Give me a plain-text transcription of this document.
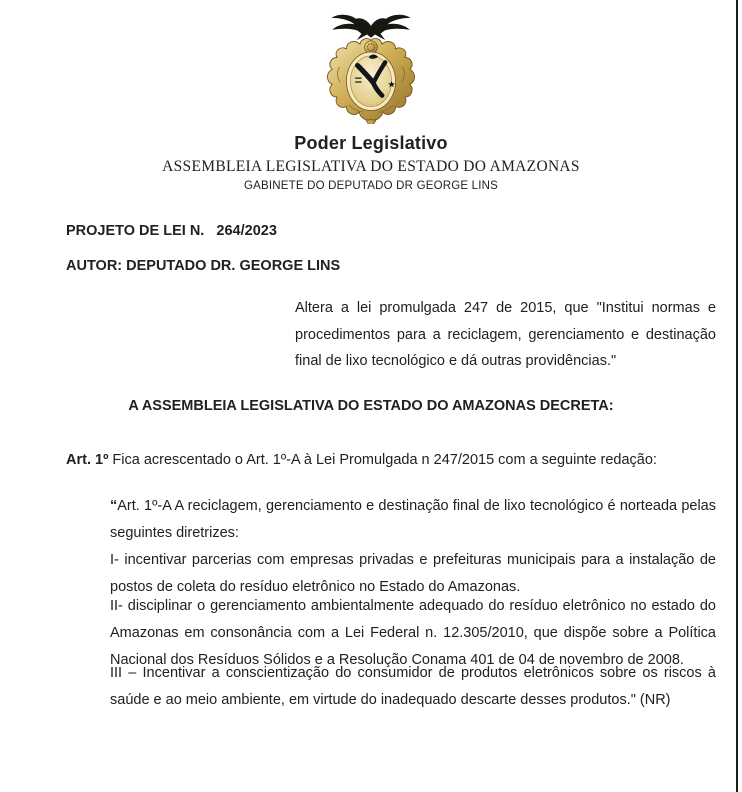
Poder Legislativo
ASSEMBLEIA LEGISLATIVA DO ESTADO DO AMAZONAS
GABINETE DO DEPUTADO DR GEORGE LINS

PROJETO DE LEI N.   264/2023

AUTOR: DEPUTADO DR. GEORGE LINS

Altera a lei promulgada 247 de 2015, que "Institui normas e procedimentos para a reciclagem, gerenciamento e destinação final de lixo tecnológico e dá outras providências."

A ASSEMBLEIA LEGISLATIVA DO ESTADO DO AMAZONAS DECRETA:

Art. 1º Fica acrescentado o Art. 1º-A à Lei Promulgada n 247/2015 com a seguinte redação:

“Art. 1º-A A reciclagem, gerenciamento e destinação final de lixo tecnológico é norteada pelas seguintes diretrizes:

I- incentivar parcerias com empresas privadas e prefeituras municipais para a instalação de postos de coleta do resíduo eletrônico no Estado do Amazonas.

II- disciplinar o gerenciamento ambientalmente adequado do resíduo eletrônico no estado do Amazonas em consonância com a Lei Federal n. 12.305/2010, que dispõe sobre a Política Nacional dos Resíduos Sólidos e a Resolução Conama 401 de 04 de novembro de 2008.

III – Incentivar a conscientização do consumidor de produtos eletrônicos sobre os riscos à saúde e ao meio ambiente, em virtude do inadequado descarte desses produtos." (NR)
